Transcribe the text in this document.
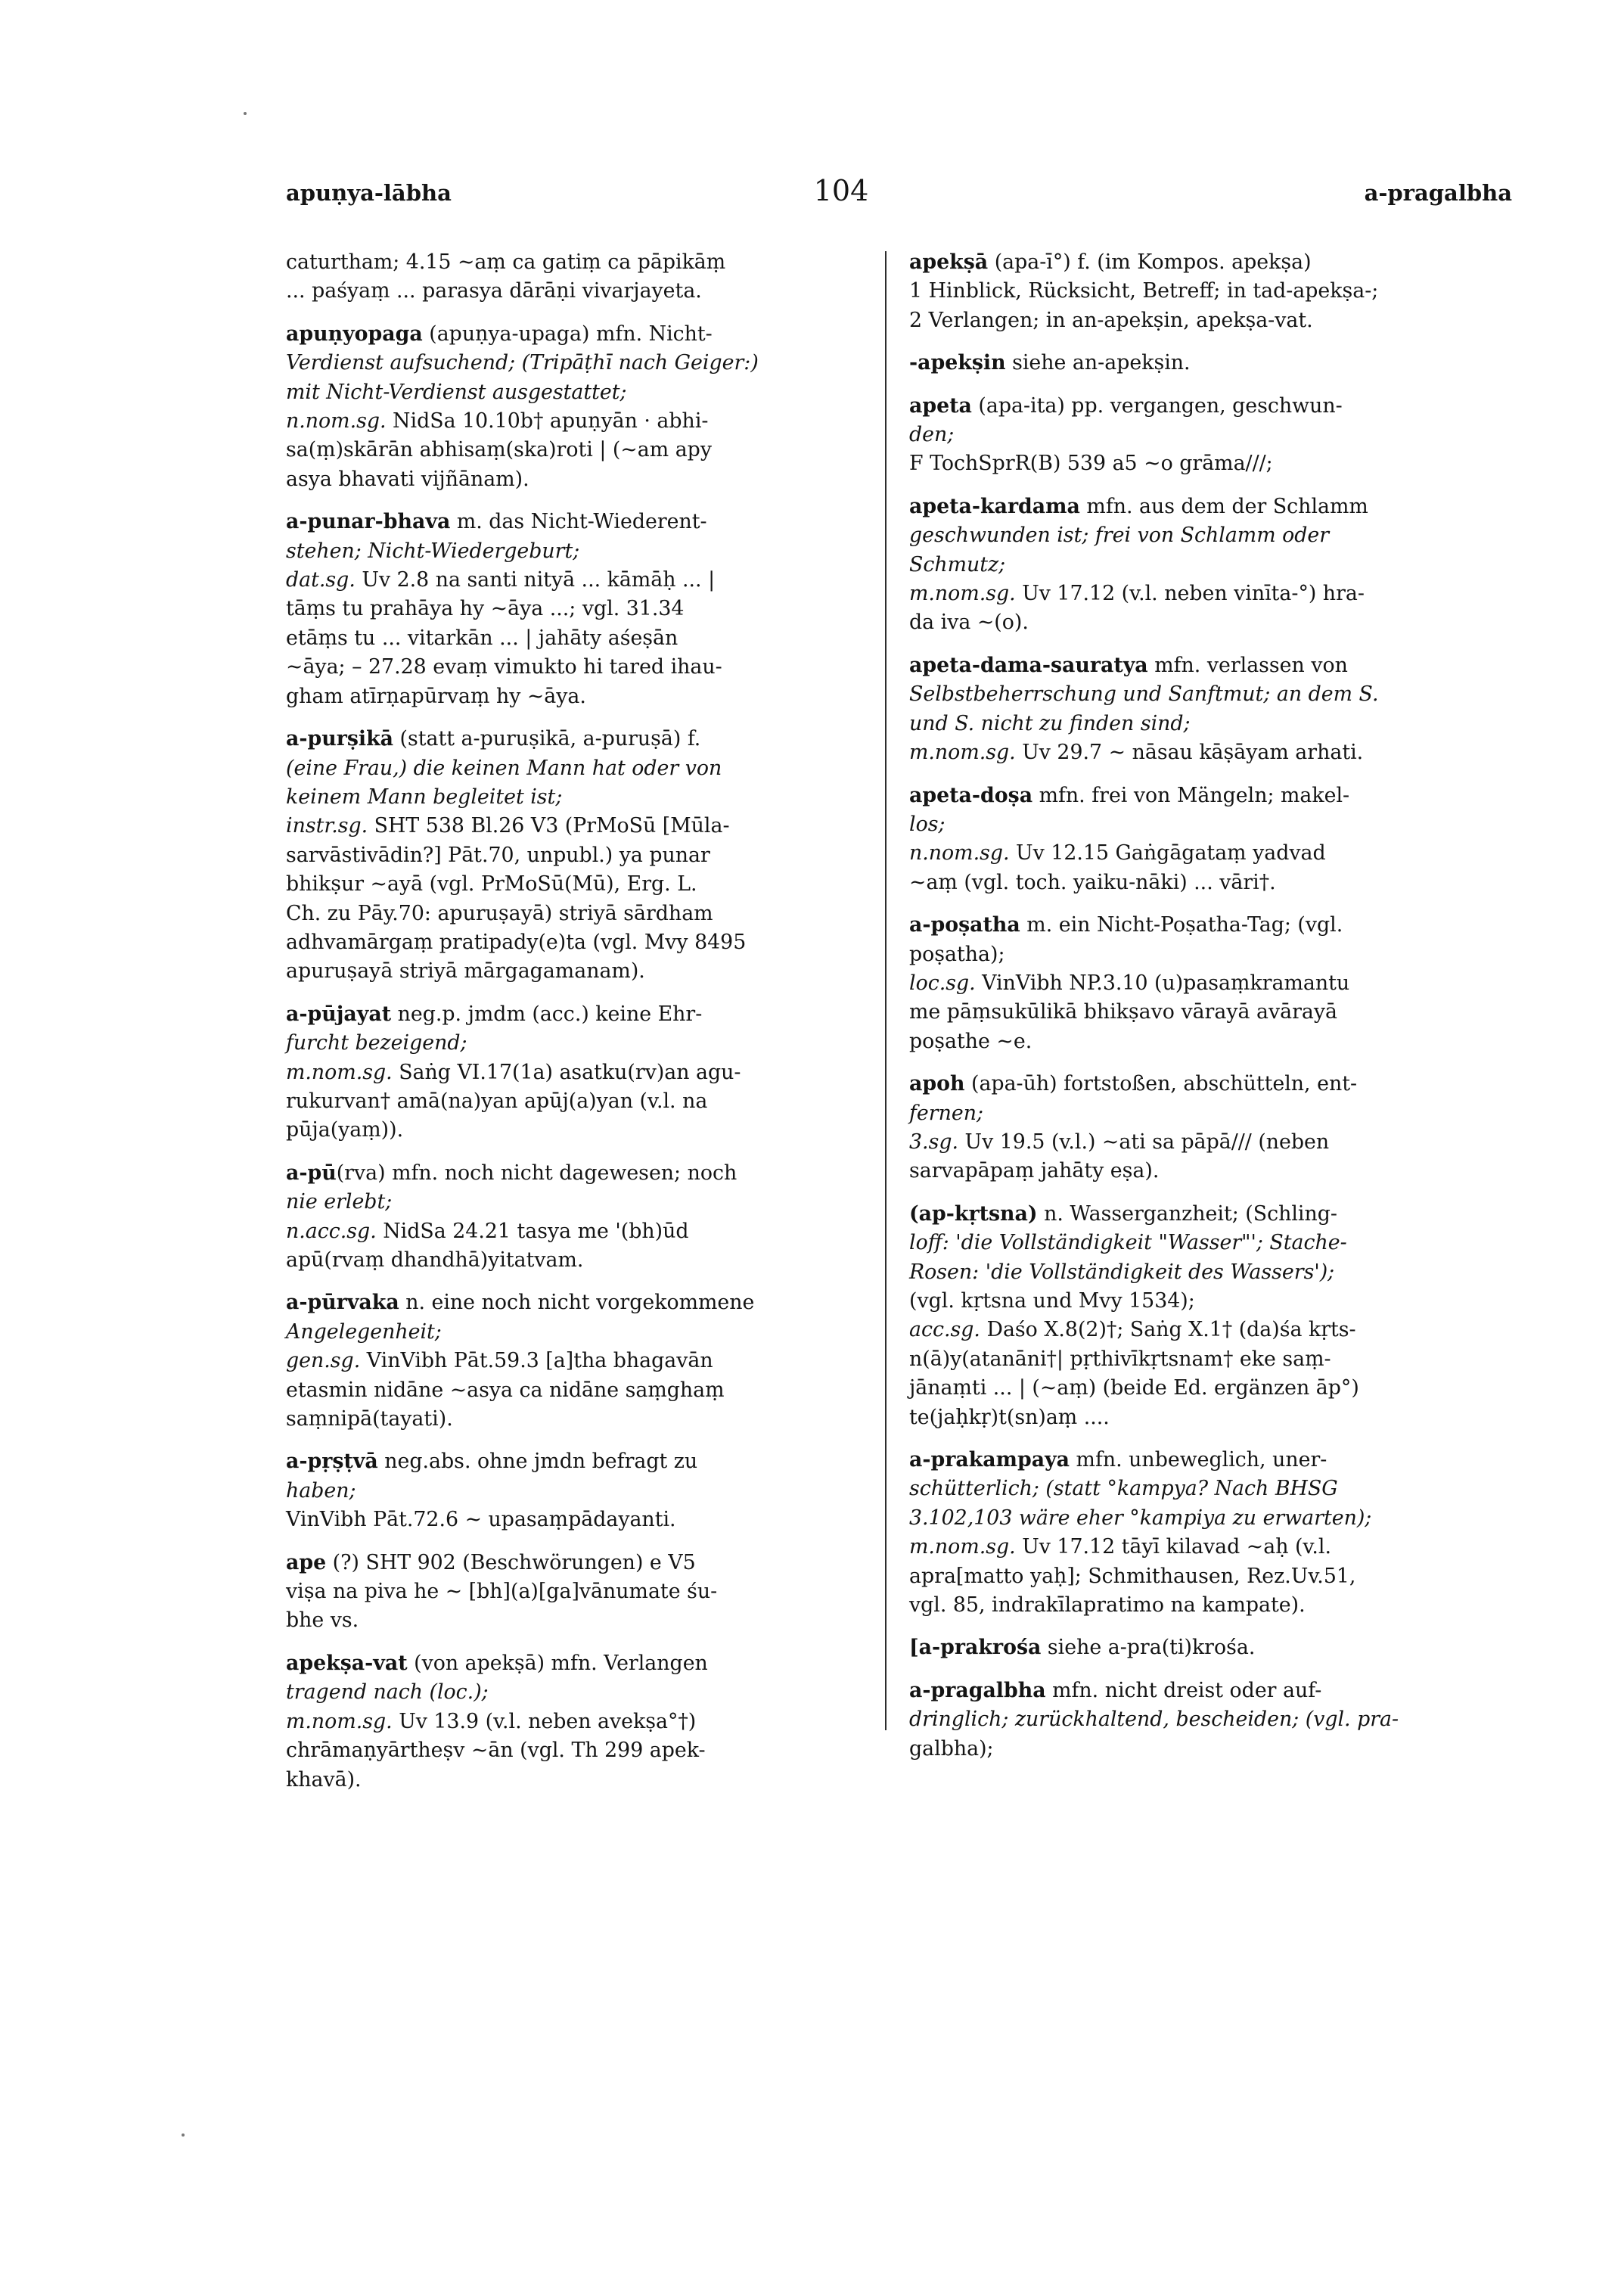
apuṇya-lābha	104	a-pragalbha
caturtham; 4.15 ~aṃ ca gatiṃ ca pāpikāṃ
... paśyaṃ ... parasya dārāṇi vivarjayeta.
apuṇyopaga (apuṇya-upaga) mfn. Nicht-
Verdienst aufsuchend; (Tripāṭhī nach Geiger:)
mit Nicht-Verdienst ausgestattet;
n.nom.sg. NidSa 10.10b† apuṇyān · abhi-
sa(ṃ)skārān abhisaṃ(ska)roti | (~am apy
asya bhavati vijñānam).
a-punar-bhava m. das Nicht-Wiederent-
stehen; Nicht-Wiedergeburt;
dat.sg. Uv 2.8 na santi nityā ... kāmāḥ ... |
tāṃs tu prahāya hy ~āya ...; vgl. 31.34
etāṃs tu ... vitarkān ... | jahāty aśeṣān
~āya; – 27.28 evaṃ vimukto hi tared ihau-
gham atīrṇapūrvaṃ hy ~āya.
a-purṣikā (statt a-puruṣikā, a-puruṣā) f.
(eine Frau,) die keinen Mann hat oder von
keinem Mann begleitet ist;
instr.sg. SHT 538 Bl.26 V3 (PrMoSū [Mūla-
sarvāstivādin?] Pāt.70, unpubl.) ya punar
bhikṣur ~ayā (vgl. PrMoSū(Mū), Erg. L.
Ch. zu Pāy.70: apuruṣayā) striyā sārdham
adhvamārgaṃ pratipady(e)ta (vgl. Mvy 8495
apuruṣayā striyā mārgagamanam).
a-pūjayat neg.p. jmdm (acc.) keine Ehr-
furcht bezeigend;
m.nom.sg. Saṅg VI.17(1a) asatku(rv)an agu-
rukurvan† amā(na)yan apūj(a)yan (v.l. na
pūja(yaṃ)).
a-pū(rva) mfn. noch nicht dagewesen; noch
nie erlebt;
n.acc.sg. NidSa 24.21 tasya me '(bh)ūd
apū(rvaṃ dhandhā)yitatvam.
a-pūrvaka n. eine noch nicht vorgekommene
Angelegenheit;
gen.sg. VinVibh Pāt.59.3 [a]tha bhagavān
etasmin nidāne ~asya ca nidāne saṃghaṃ
saṃnipā(tayati).
a-pṛṣṭvā neg.abs. ohne jmdn befragt zu
haben;
VinVibh Pāt.72.6 ~ upasaṃpādayanti.
ape (?) SHT 902 (Beschwörungen) e V5
viṣa na piva he ~ [bh](a)[ga]vānumate śu-
bhe vs.
apekṣa-vat (von apekṣā) mfn. Verlangen
tragend nach (loc.);
m.nom.sg. Uv 13.9 (v.l. neben avekṣa°†)
chrāmaṇyārtheṣv ~ān (vgl. Th 299 apek-
khavā).
apekṣā (apa-ī°) f. (im Kompos. apekṣa)
1 Hinblick, Rücksicht, Betreff; in tad-apekṣa-;
2 Verlangen; in an-apekṣin, apekṣa-vat.
-apekṣin siehe an-apekṣin.
apeta (apa-ita) pp. vergangen, geschwun-
den;
F TochSprR(B) 539 a5 ~o grāma///;
apeta-kardama mfn. aus dem der Schlamm
geschwunden ist; frei von Schlamm oder
Schmutz;
m.nom.sg. Uv 17.12 (v.l. neben vinīta-°) hra-
da iva ~(o).
apeta-dama-sauratya mfn. verlassen von
Selbstbeherrschung und Sanftmut; an dem S.
und S. nicht zu finden sind;
m.nom.sg. Uv 29.7 ~ nāsau kāṣāyam arhati.
apeta-doṣa mfn. frei von Mängeln; makel-
los;
n.nom.sg. Uv 12.15 Gaṅgāgataṃ yadvad
~aṃ (vgl. toch. yaiku-nāki) ... vāri†.
a-poṣatha m. ein Nicht-Poṣatha-Tag; (vgl.
poṣatha);
loc.sg. VinVibh NP.3.10 (u)pasaṃkramantu
me pāṃsukūlikā bhikṣavo vārayā avārayā
poṣathe ~e.
apoh (apa-ūh) fortstoßen, abschütteln, ent-
fernen;
3.sg. Uv 19.5 (v.l.) ~ati sa pāpā/// (neben
sarvapāpaṃ jahāty eṣa).
(ap-kṛtsna) n. Wasserganzheit; (Schling-
loff: 'die Vollständigkeit "Wasser"'; Stache-
Rosen: 'die Vollständigkeit des Wassers');
(vgl. kṛtsna und Mvy 1534);
acc.sg. Daśo X.8(2)†; Saṅg X.1† (da)śa kṛts-
n(ā)y(atanāni†| pṛthivīkṛtsnam† eke saṃ-
jānaṃti ... | (~aṃ) (beide Ed. ergänzen āp°)
te(jaḥkṛ)t(sn)aṃ ....
a-prakampaya mfn. unbeweglich, uner-
schütterlich; (statt °kampya? Nach BHSG
3.102,103 wäre eher °kampiya zu erwarten);
m.nom.sg. Uv 17.12 tāyī kilavad ~aḥ (v.l.
apra[matto yaḥ]; Schmithausen, Rez.Uv.51,
vgl. 85, indrakīlapratimo na kampate).
[a-prakrośa siehe a-pra(ti)krośa.
a-pragalbha mfn. nicht dreist oder auf-
dringlich; zurückhaltend, bescheiden; (vgl. pra-
galbha);
